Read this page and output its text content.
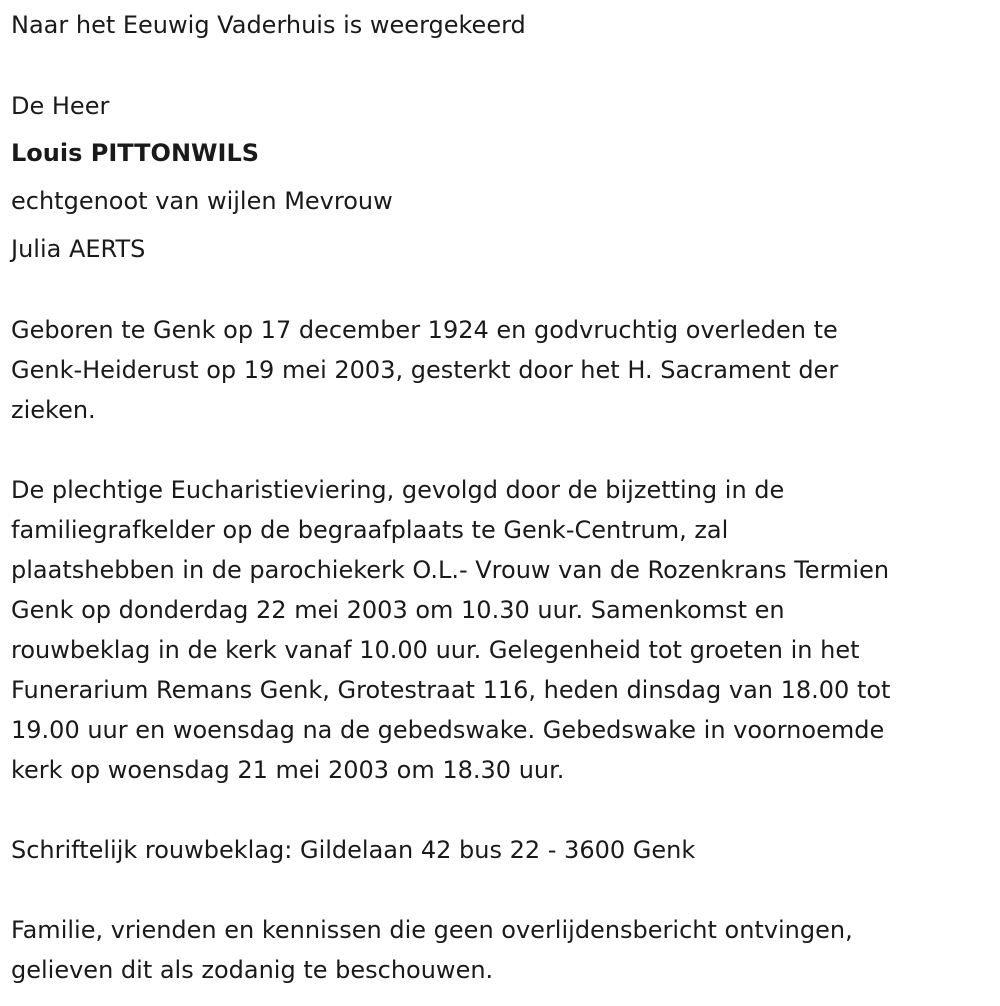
Naar het Eeuwig Vaderhuis is weergekeerd
De Heer
Louis PITTONWILS
echtgenoot van wijlen Mevrouw
Julia AERTS
Geboren te Genk op 17 december 1924 en godvruchtig overleden te
Genk-Heiderust op 19 mei 2003, gesterkt door het H. Sacrament der
zieken.
De plechtige Eucharistieviering, gevolgd door de bijzetting in de
familiegrafkelder op de begraafplaats te Genk-Centrum, zal
plaatshebben in de parochiekerk O.L.- Vrouw van de Rozenkrans Termien
Genk op donderdag 22 mei 2003 om 10.30 uur. Samenkomst en
rouwbeklag in de kerk vanaf 10.00 uur. Gelegenheid tot groeten in het
Funerarium Remans Genk, Grotestraat 116, heden dinsdag van 18.00 tot
19.00 uur en woensdag na de gebedswake. Gebedswake in voornoemde
kerk op woensdag 21 mei 2003 om 18.30 uur.
Schriftelijk rouwbeklag: Gildelaan 42 bus 22 - 3600 Genk
Familie, vrienden en kennissen die geen overlijdensbericht ontvingen,
gelieven dit als zodanig te beschouwen.
